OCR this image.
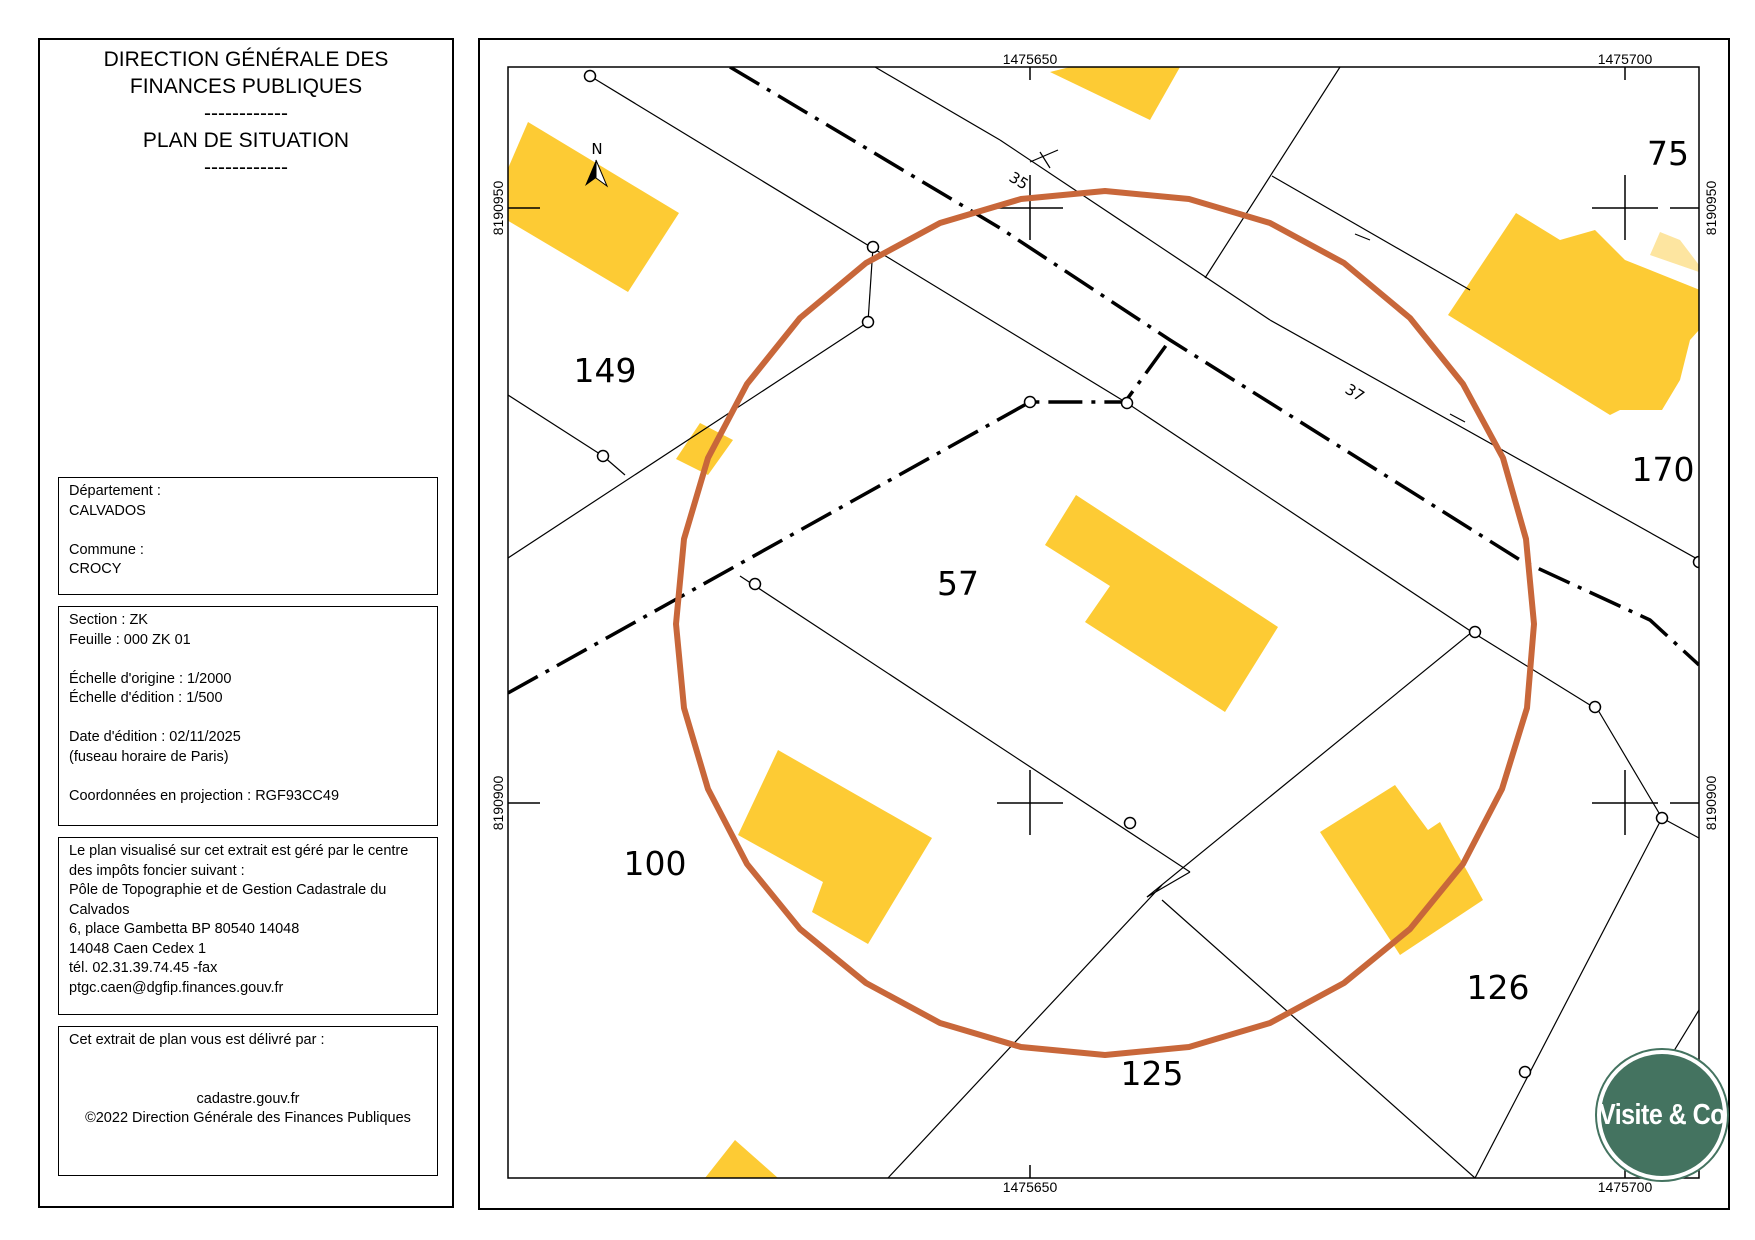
DIRECTION GÉNÉRALE DES
FINANCES PUBLIQUES
------------
PLAN DE SITUATION
------------
Département :
CALVADOS
Commune :
CROCY
Section : ZK
Feuille : 000 ZK 01
Échelle d'origine : 1/2000
Échelle d'édition : 1/500
Date d'édition : 02/11/2025
(fuseau horaire de Paris)
Coordonnées en projection : RGF93CC49
Le plan visualisé sur cet extrait est géré par le centre
des impôts foncier suivant :
Pôle de Topographie et de Gestion Cadastrale du
Calvados
6, place Gambetta BP 80540 14048
14048 Caen Cedex 1
tél. 02.31.39.74.45 -fax
ptgc.caen@dgfip.finances.gouv.fr
Cet extrait de plan vous est délivré par :
cadastre.gouv.fr
©2022 Direction Générale des Finances Publiques
N
1475650	1475700
1475650	1475700
8190950
8190900
8190950
8190900
75
149
170
57
100
126
125
35
37
Visite & Co
